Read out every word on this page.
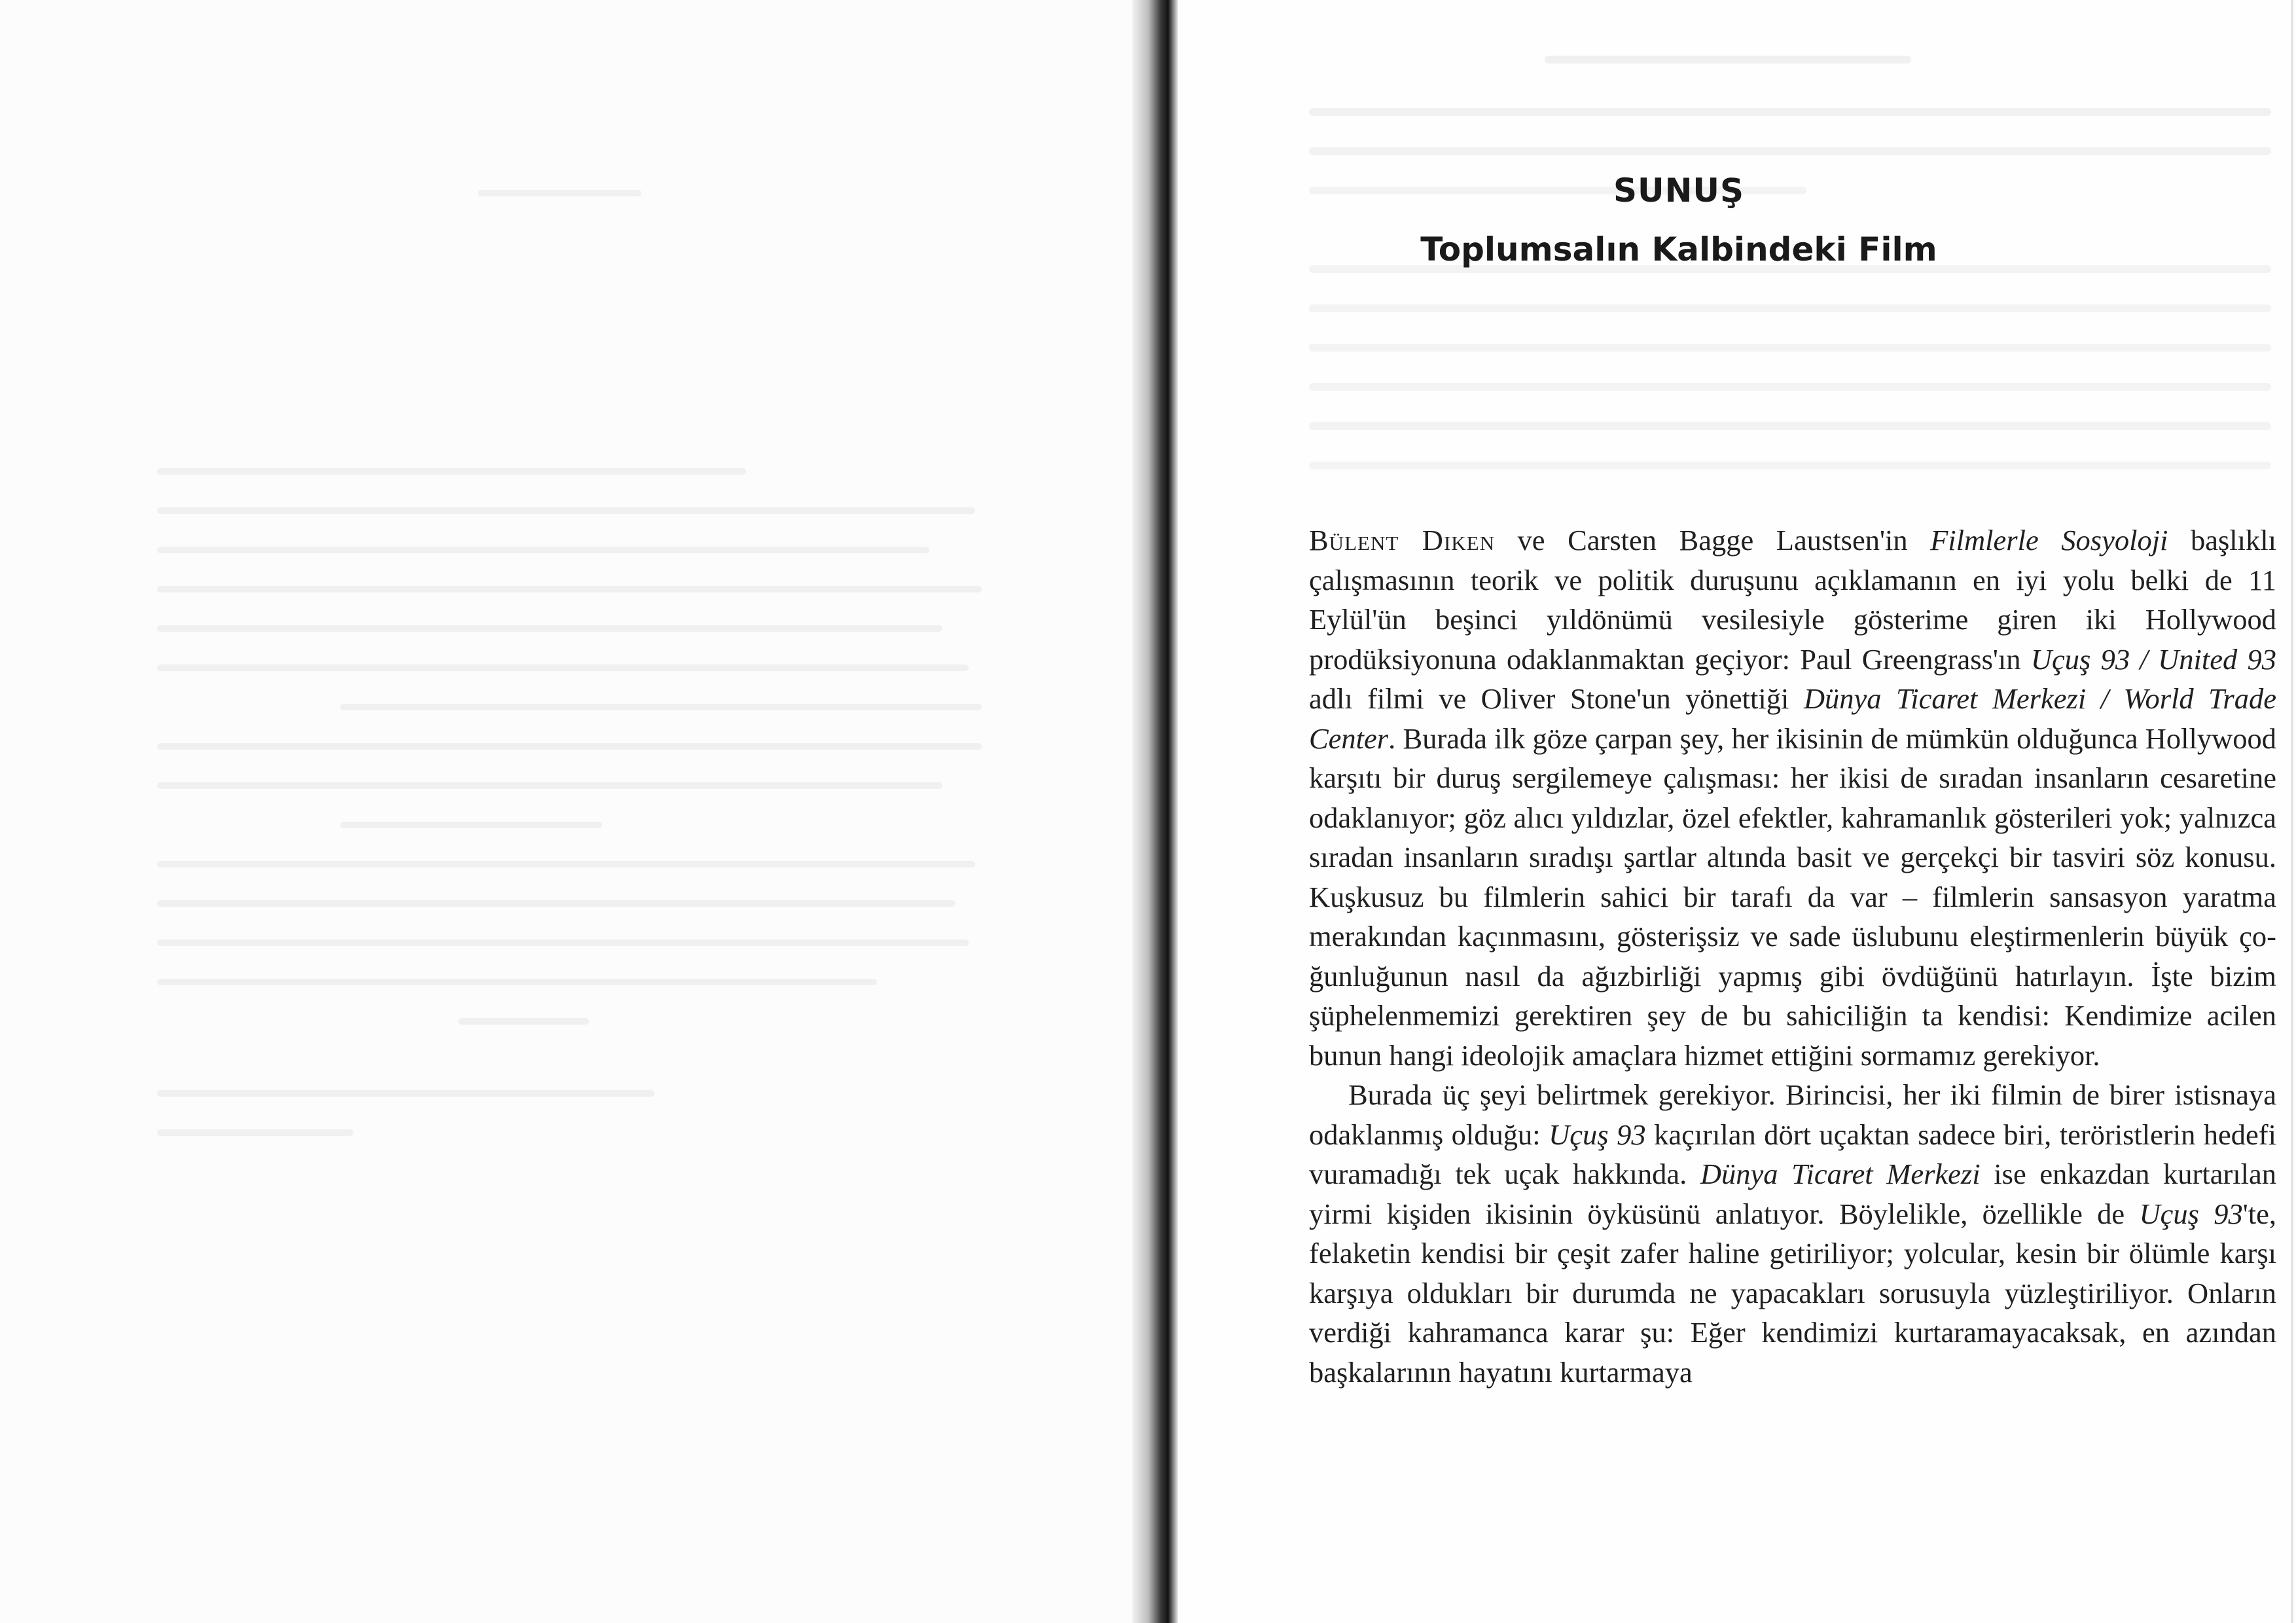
SUNUŞ
Toplumsalın Kalbindeki Film

Bülent Diken ve Carsten Bagge Laustsen'in Filmlerle Sosyoloji başlıklı çalışmasının teorik ve politik duruşunu açıklamanın en iyi yolu belki de 11 Eylül'ün beşinci yıldönümü vesilesiyle gösterime giren iki Hollywood prodüksiyonuna odaklanmaktan geçiyor: Paul Greengrass'ın Uçuş 93 / United 93 adlı filmi ve Oliver Stone'un yönettiği Dünya Ticaret Merkezi / World Trade Center. Burada ilk göze çarpan şey, her ikisinin de mümkün olduğunca Hollywood karşıtı bir duruş sergilemeye çalışması: her ikisi de sıradan insanların cesaretine odaklanıyor; göz alıcı yıldızlar, özel efektler, kahramanlık gösterileri yok; yalnızca sıradan insanların sıradışı şartlar altında basit ve gerçekçi bir tasviri söz konusu. Kuşkusuz bu filmlerin sahici bir tarafı da var – filmlerin sansasyon yaratma merakından kaçınmasını, gösterişsiz ve sade üslubunu eleştirmenlerin büyük çoğunluğunun nasıl da ağızbirliği yapmış gibi övdüğünü hatırlayın. İşte bizim şüphelenmemizi gerektiren şey de bu sahiciliğin ta kendisi: Kendimize acilen bunun hangi ideolojik amaçlara hizmet ettiğini sormamız gerekiyor.

Burada üç şeyi belirtmek gerekiyor. Birincisi, her iki filmin de birer istisnaya odaklanmış olduğu: Uçuş 93 kaçırılan dört uçaktan sadece biri, teröristlerin hedefi vuramadığı tek uçak hakkında. Dünya Ticaret Merkezi ise enkazdan kurtarılan yirmi kişiden ikisinin öyküsünü anlatıyor. Böylelikle, özellikle de Uçuş 93'te, felaketin kendisi bir çeşit zafer haline getiriliyor; yolcular, kesin bir ölümle karşı karşıya oldukları bir durumda ne yapacakları sorusuyla yüzleştiriliyor. Onların verdiği kahramanca karar şu: Eğer kendimizi kurtaramayacaksak, en azından başkalarının hayatını kurtarmaya
